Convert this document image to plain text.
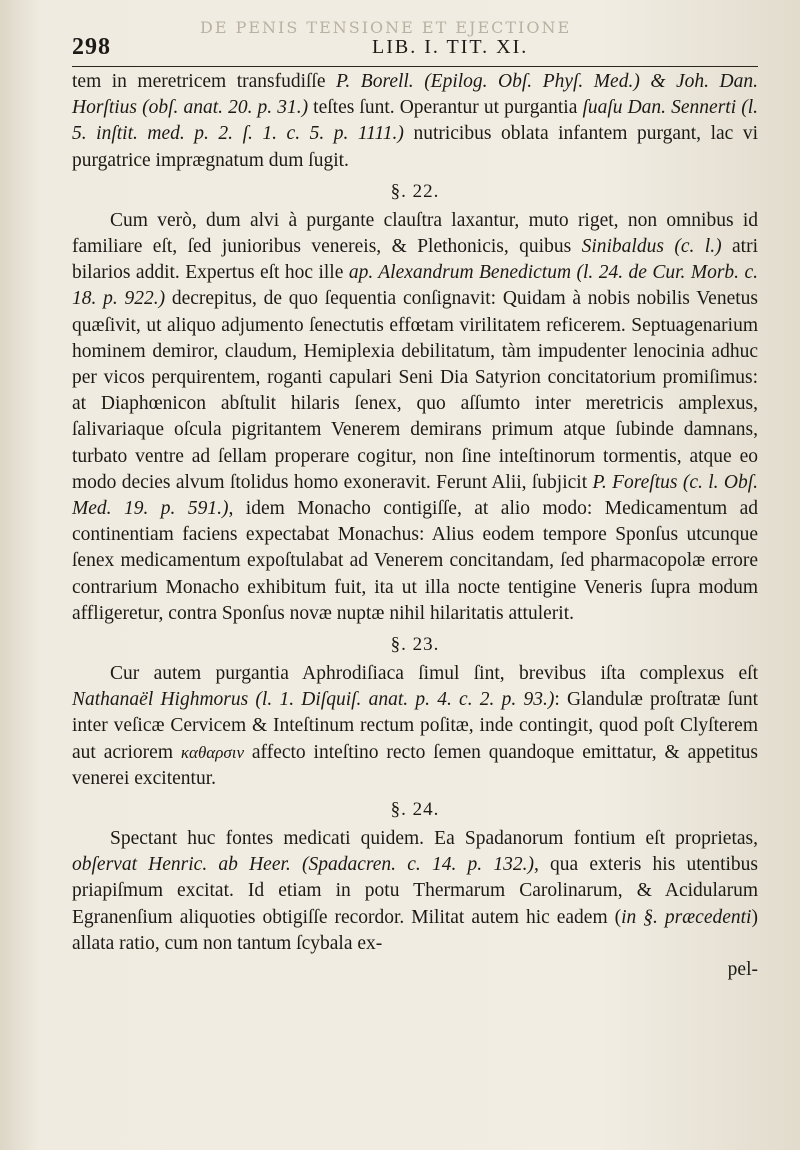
DE PENIS TENSIONE ET EJECTIONE
298	LIB. I. TIT. XI.

tem in meretricem transfudiſſe P. Borell. (Epilog. Obſ. Phyſ. Med.) & Joh. Dan. Horſtius (obſ. anat. 20. p. 31.) teſtes ſunt. Operantur ut purgantia ſuaſu Dan. Sennerti (l. 5. inſtit. med. p. 2. ſ. 1. c. 5. p. 1111.) nutricibus oblata infantem purgant, lac vi purgatrice imprægnatum dum ſugit.

§. 22.

Cum verò, dum alvi à purgante clauſtra laxantur, muto riget, non omnibus id familiare eſt, ſed junioribus venereis, & Plethonicis, quibus Sinibaldus (c. l.) atri bilarios addit. Expertus eſt hoc ille ap. Alexandrum Benedictum (l. 24. de Cur. Morb. c. 18. p. 922.) decrepitus, de quo ſequentia conſignavit: Quidam à nobis nobilis Venetus quæſivit, ut aliquo adjumento ſenectutis effœtam virilitatem reficerem. Septuagenarium hominem demiror, claudum, Hemiplexia debilitatum, tàm impudenter lenocinia adhuc per vicos perquirentem, roganti capulari Seni Dia Satyrion concitatorium promiſimus: at Diaphœnicon abſtulit hilaris ſenex, quo aſſumto inter meretricis amplexus, ſalivariaque oſcula pigritantem Venerem demirans primum atque ſubinde damnans, turbato ventre ad ſellam properare cogitur, non ſine inteſtinorum tormentis, atque eo modo decies alvum ſtolidus homo exoneravit. Ferunt Alii, ſubjicit P. Foreſtus (c. l. Obſ. Med. 19. p. 591.), idem Monacho contigiſſe, at alio modo: Medicamentum ad continentiam faciens expectabat Monachus: Alius eodem tempore Sponſus utcunque ſenex medicamentum expoſtulabat ad Venerem concitandam, ſed pharmacopolæ errore contrarium Monacho exhibitum fuit, ita ut illa nocte tentigine Veneris ſupra modum affligeretur, contra Sponſus novæ nuptæ nihil hilaritatis attulerit.

§. 23.

Cur autem purgantia Aphrodiſiaca ſimul ſint, brevibus iſta complexus eſt Nathanaël Highmorus (l. 1. Diſquiſ. anat. p. 4. c. 2. p. 93.): Glandulæ proſtratæ ſunt inter veſicæ Cervicem & Inteſtinum rectum poſitæ, inde contingit, quod poſt Clyſterem aut acriorem καθαρσιν affecto inteſtino recto ſemen quandoque emittatur, & appetitus venerei excitentur.

§. 24.

Spectant huc fontes medicati quidem. Ea Spadanorum fontium eſt proprietas, obſervat Henric. ab Heer. (Spadacren. c. 14. p. 132.), qua exteris his utentibus priapiſmum excitat. Id etiam in potu Thermarum Carolinarum, & Acidularum Egranenſium aliquoties obtigiſſe recordor. Militat autem hic eadem (in §. præcedenti) allata ratio, cum non tantum ſcybala ex-

pel-
